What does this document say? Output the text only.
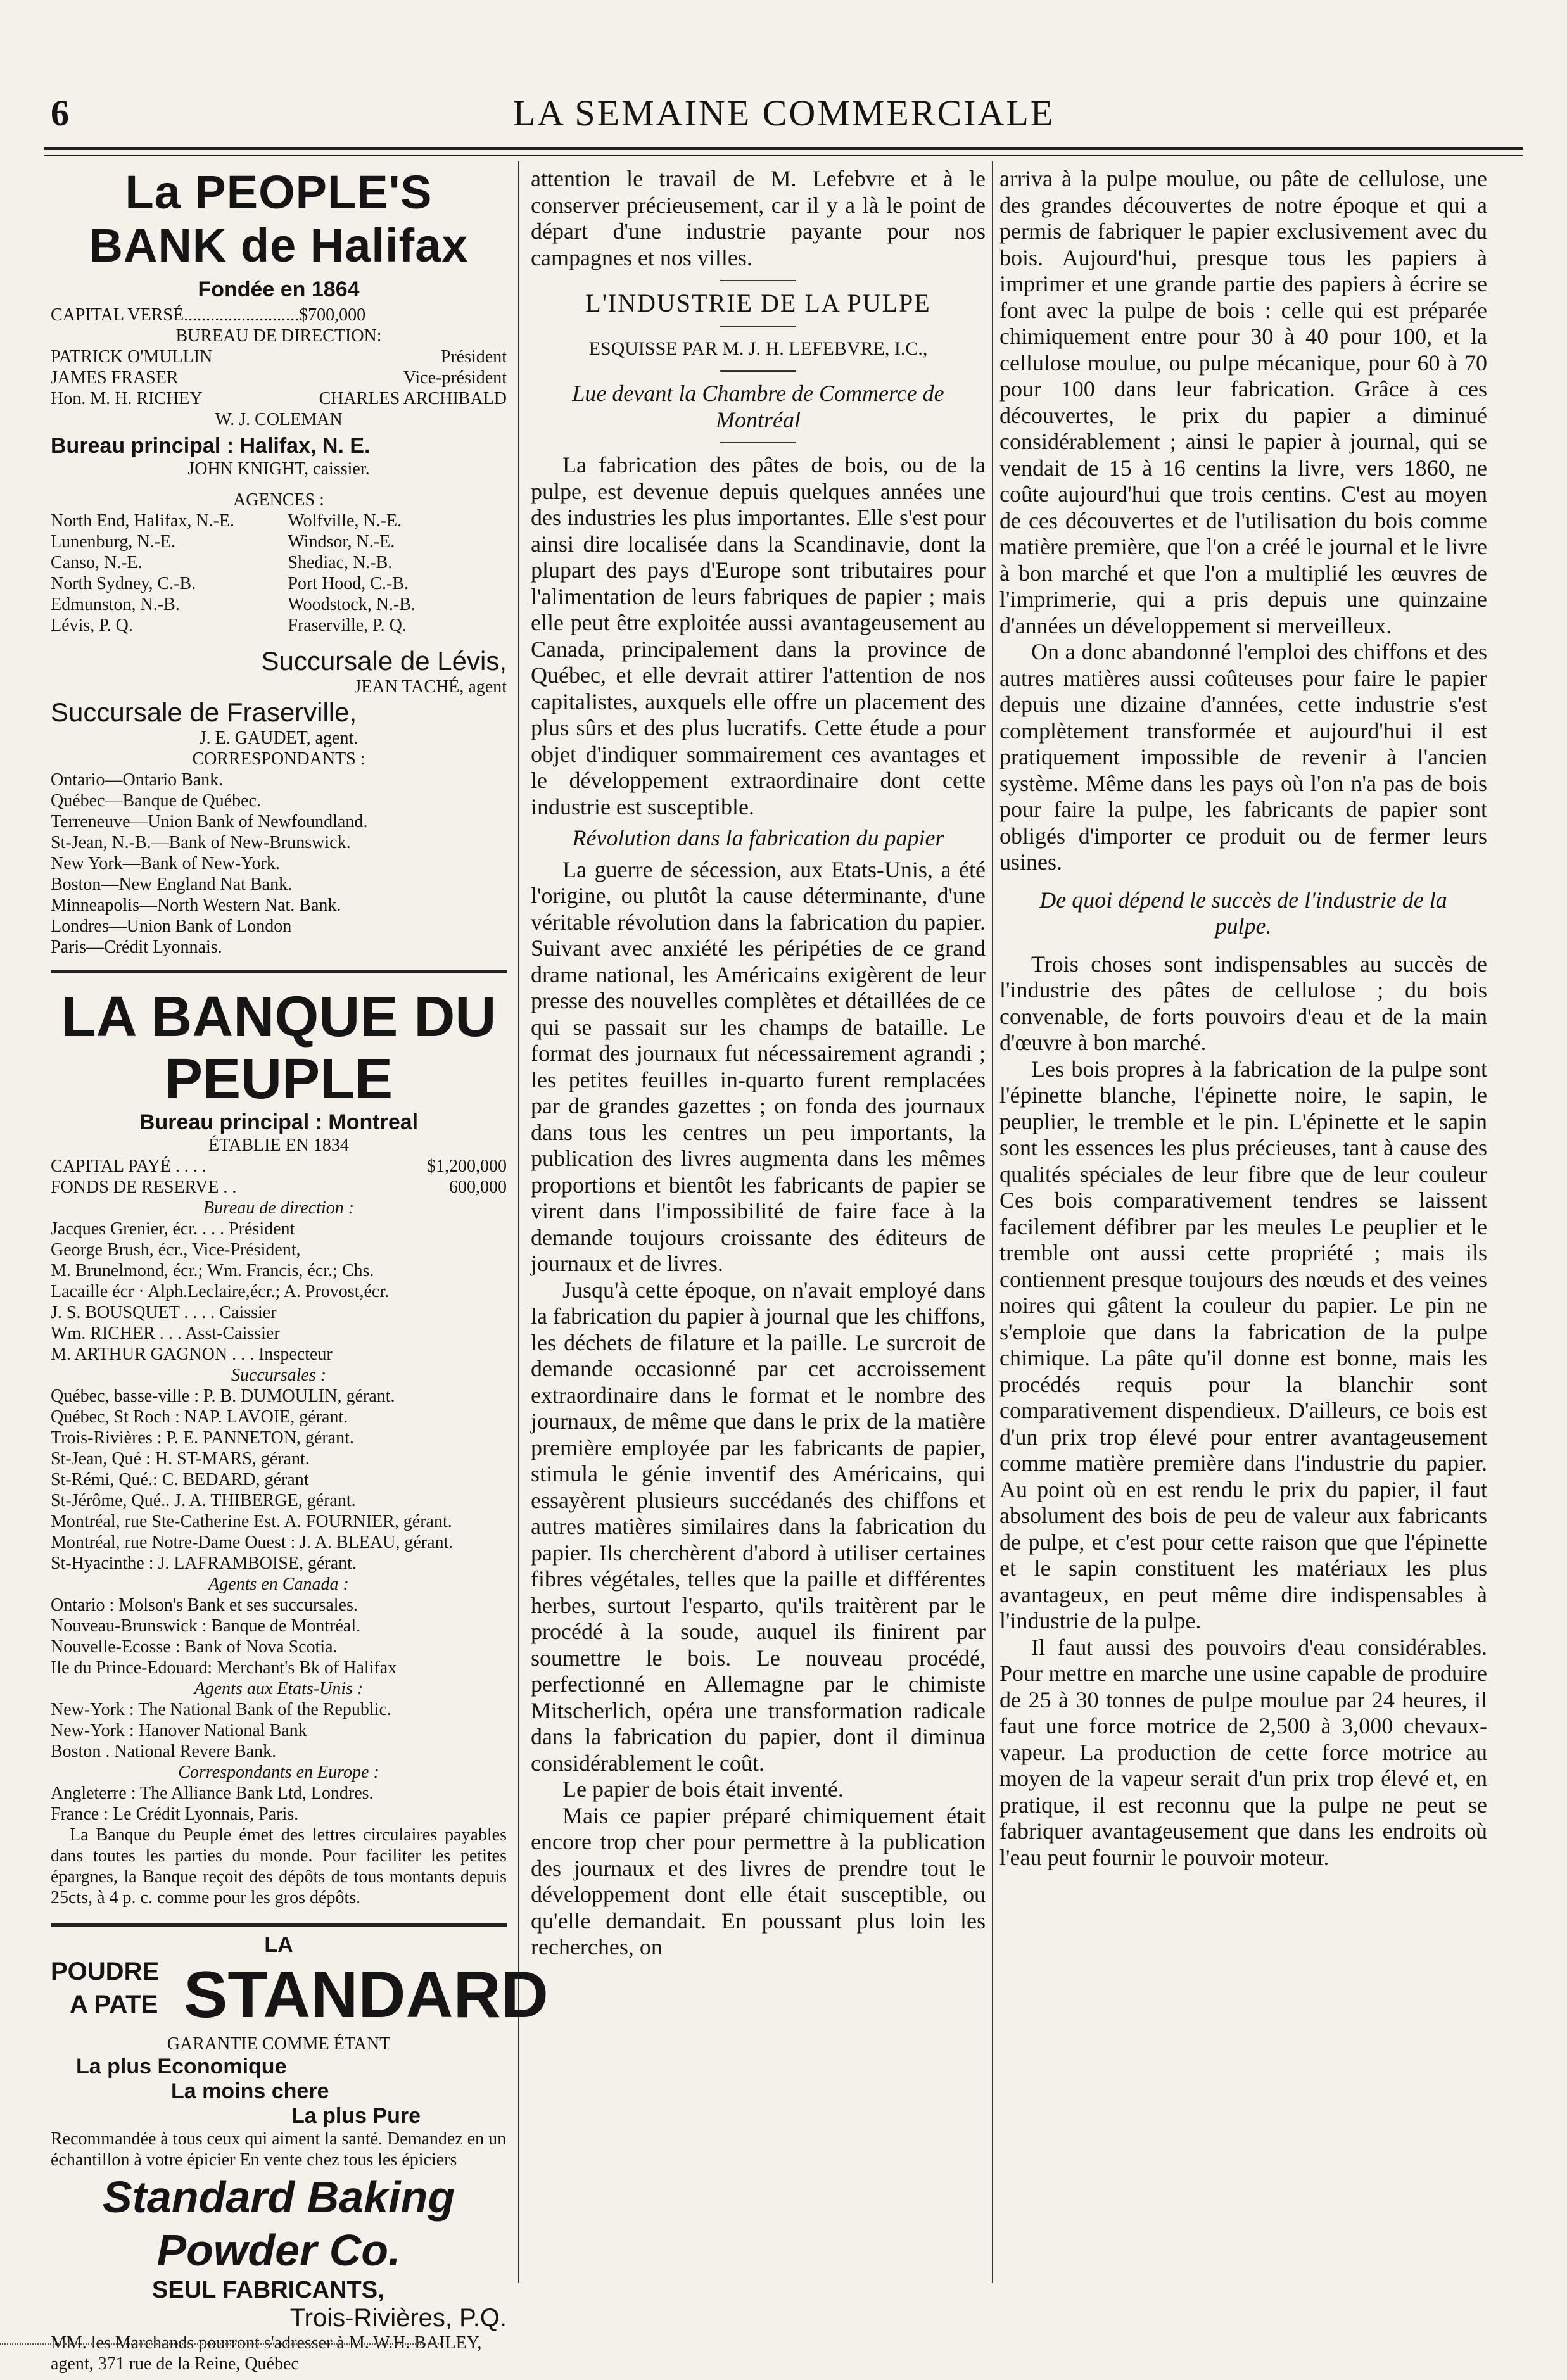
6	LA SEMAINE COMMERCIALE
La PEOPLE'S BANK de Halifax
Fondée en 1864
CAPITAL VERSÉ..........................$700,000
BUREAU DE DIRECTION:
PATRICK O'MULLIN	Président
JAMES FRASER	Vice-président
Hon. M. H. RICHEY	CHARLES ARCHIBALD
W. J. COLEMAN
Bureau principal : Halifax, N. E.
JOHN KNIGHT, caissier.
AGENCES :
North End, Halifax, N.-E.	Wolfville, N.-E.
Lunenburg, N.-E.	Windsor, N.-E.
Canso, N.-E.	Shediac, N.-B.
North Sydney, C.-B.	Port Hood, C.-B.
Edmunston, N.-B.	Woodstock, N.-B.
Lévis, P. Q.	Fraserville, P. Q.
Succursale de Lévis,
JEAN TACHÉ, agent
Succursale de Fraserville,
J. E. GAUDET, agent.
CORRESPONDANTS :
Ontario—Ontario Bank.
Québec—Banque de Québec.
Terreneuve—Union Bank of Newfoundland.
St-Jean, N.-B.—Bank of New-Brunswick.
New York—Bank of New-York.
Boston—New England Nat Bank.
Minneapolis—North Western Nat. Bank.
Londres—Union Bank of London
Paris—Crédit Lyonnais.
LA BANQUE DU PEUPLE
Bureau principal : Montreal
ÉTABLIE EN 1834
CAPITAL PAYÉ . . . .	$1,200,000
FONDS DE RESERVE . .	600,000
Bureau de direction :
Jacques Grenier, écr. . . . Président
George Brush, écr., Vice-Président,
M. Brunelmond, écr.; Wm. Francis, écr.; Chs.
Lacaille écr · Alph.Leclaire,écr.; A. Provost,écr.
J. S. BOUSQUET . . . . Caissier
Wm. RICHER . . . Asst-Caissier
M. ARTHUR GAGNON . . . Inspecteur
Succursales :
Québec, basse-ville : P. B. DUMOULIN, gérant.
Québec, St Roch : NAP. LAVOIE, gérant.
Trois-Rivières : P. E. PANNETON, gérant.
St-Jean, Qué : H. ST-MARS, gérant.
St-Rémi, Qué.: C. BEDARD, gérant
St-Jérôme, Qué.. J. A. THIBERGE, gérant.
Montréal, rue Ste-Catherine Est. A. FOURNIER, gérant.
Montréal, rue Notre-Dame Ouest : J. A. BLEAU, gérant.
St-Hyacinthe : J. LAFRAMBOISE, gérant.
Agents en Canada :
Ontario : Molson's Bank et ses succursales.
Nouveau-Brunswick : Banque de Montréal.
Nouvelle-Ecosse : Bank of Nova Scotia.
Ile du Prince-Edouard: Merchant's Bk of Halifax
Agents aux Etats-Unis :
New-York : The National Bank of the Republic.
New-York : Hanover National Bank
Boston . National Revere Bank.
Correspondants en Europe :
Angleterre : The Alliance Bank Ltd, Londres.
France : Le Crédit Lyonnais, Paris.
La Banque du Peuple émet des lettres circulaires payables dans toutes les parties du monde. Pour faciliter les petites épargnes, la Banque reçoit des dépôts de tous montants depuis 25cts, à 4 p. c. comme pour les gros dépôts.
LA
POUDRE
A PATE STANDARD
GARANTIE COMME ÉTANT
La plus Economique
La moins chere
La plus Pure
Recommandée à tous ceux qui aiment la santé. Demandez en un échantillon à votre épicier En vente chez tous les épiciers
Standard Baking Powder Co.
SEUL FABRICANTS,
Trois-Rivières, P.Q.
MM. les Marchands pourront s'adresser à M. W.H. BAILEY, agent, 371 rue de la Reine, Québec
attention le travail de M. Lefebvre et à le conserver précieusement, car il y a là le point de départ d'une industrie payante pour nos campagnes et nos villes.
L'INDUSTRIE DE LA PULPE
ESQUISSE PAR M. J. H. LEFEBVRE, I.C.,
Lue devant la Chambre de Commerce de Montréal

La fabrication des pâtes de bois, ou de la pulpe, est devenue depuis quelques années une des industries les plus importantes. Elle s'est pour ainsi dire localisée dans la Scandinavie, dont la plupart des pays d'Europe sont tributaires pour l'alimentation de leurs fabriques de papier ; mais elle peut être exploitée aussi avantageusement au Canada, principalement dans la province de Québec, et elle devrait attirer l'attention de nos capitalistes, auxquels elle offre un placement des plus sûrs et des plus lucratifs. Cette étude a pour objet d'indiquer sommairement ces avantages et le développement extraordinaire dont cette industrie est susceptible.

Révolution dans la fabrication du papier

La guerre de sécession, aux Etats-Unis, a été l'origine, ou plutôt la cause déterminante, d'une véritable révolution dans la fabrication du papier. Suivant avec anxiété les péripéties de ce grand drame national, les Américains exigèrent de leur presse des nouvelles complètes et détaillées de ce qui se passait sur les champs de bataille. Le format des journaux fut nécessairement agrandi ; les petites feuilles in-quarto furent remplacées par de grandes gazettes ; on fonda des journaux dans tous les centres un peu importants, la publication des livres augmenta dans les mêmes proportions et bientôt les fabricants de papier se virent dans l'impossibilité de faire face à la demande toujours croissante des éditeurs de journaux et de livres.

Jusqu'à cette époque, on n'avait employé dans la fabrication du papier à journal que les chiffons, les déchets de filature et la paille. Le surcroit de demande occasionné par cet accroissement extraordinaire dans le format et le nombre des journaux, de même que dans le prix de la matière première employée par les fabricants de papier, stimula le génie inventif des Américains, qui essayèrent plusieurs succédanés des chiffons et autres matières similaires dans la fabrication du papier. Ils cherchèrent d'abord à utiliser certaines fibres végétales, telles que la paille et différentes herbes, surtout l'esparto, qu'ils traitèrent par le procédé à la soude, auquel ils finirent par soumettre le bois. Le nouveau procédé, perfectionné en Allemagne par le chimiste Mitscherlich, opéra une transformation radicale dans la fabrication du papier, dont il diminua considérablement le coût.

Le papier de bois était inventé.

Mais ce papier préparé chimiquement était encore trop cher pour permettre à la publication des journaux et des livres de prendre tout le développement dont elle était susceptible, ou qu'elle demandait. En poussant plus loin les recherches, on

arriva à la pulpe moulue, ou pâte de cellulose, une des grandes découvertes de notre époque et qui a permis de fabriquer le papier exclusivement avec du bois. Aujourd'hui, presque tous les papiers à imprimer et une grande partie des papiers à écrire se font avec la pulpe de bois : celle qui est préparée chimiquement entre pour 30 à 40 pour 100, et la cellulose moulue, ou pulpe mécanique, pour 60 à 70 pour 100 dans leur fabrication. Grâce à ces découvertes, le prix du papier a diminué considérablement ; ainsi le papier à journal, qui se vendait de 15 à 16 centins la livre, vers 1860, ne coûte aujourd'hui que trois centins. C'est au moyen de ces découvertes et de l'utilisation du bois comme matière première, que l'on a créé le journal et le livre à bon marché et que l'on a multiplié les œuvres de l'imprimerie, qui a pris depuis une quinzaine d'années un développement si merveilleux.

On a donc abandonné l'emploi des chiffons et des autres matières aussi coûteuses pour faire le papier depuis une dizaine d'années, cette industrie s'est complètement transformée et aujourd'hui il est pratiquement impossible de revenir à l'ancien système. Même dans les pays où l'on n'a pas de bois pour faire la pulpe, les fabricants de papier sont obligés d'importer ce produit ou de fermer leurs usines.

De quoi dépend le succès de l'industrie de la pulpe.

Trois choses sont indispensables au succès de l'industrie des pâtes de cellulose ; du bois convenable, de forts pouvoirs d'eau et de la main d'œuvre à bon marché.

Les bois propres à la fabrication de la pulpe sont l'épinette blanche, l'épinette noire, le sapin, le peuplier, le tremble et le pin. L'épinette et le sapin sont les essences les plus précieuses, tant à cause des qualités spéciales de leur fibre que de leur couleur Ces bois comparativement tendres se laissent facilement défibrer par les meules Le peuplier et le tremble ont aussi cette propriété ; mais ils contiennent presque toujours des nœuds et des veines noires qui gâtent la couleur du papier. Le pin ne s'emploie que dans la fabrication de la pulpe chimique. La pâte qu'il donne est bonne, mais les procédés requis pour la blanchir sont comparativement dispendieux. D'ailleurs, ce bois est d'un prix trop élevé pour entrer avantageusement comme matière première dans l'industrie du papier. Au point où en est rendu le prix du papier, il faut absolument des bois de peu de valeur aux fabricants de pulpe, et c'est pour cette raison que que l'épinette et le sapin constituent les matériaux les plus avantageux, en peut même dire indispensables à l'industrie de la pulpe.

Il faut aussi des pouvoirs d'eau considérables. Pour mettre en marche une usine capable de produire de 25 à 30 tonnes de pulpe moulue par 24 heures, il faut une force motrice de 2,500 à 3,000 chevaux-vapeur. La production de cette force motrice au moyen de la vapeur serait d'un prix trop élevé et, en pratique, il est reconnu que la pulpe ne peut se fabriquer avantageusement que dans les endroits où l'eau peut fournir le pouvoir moteur.
